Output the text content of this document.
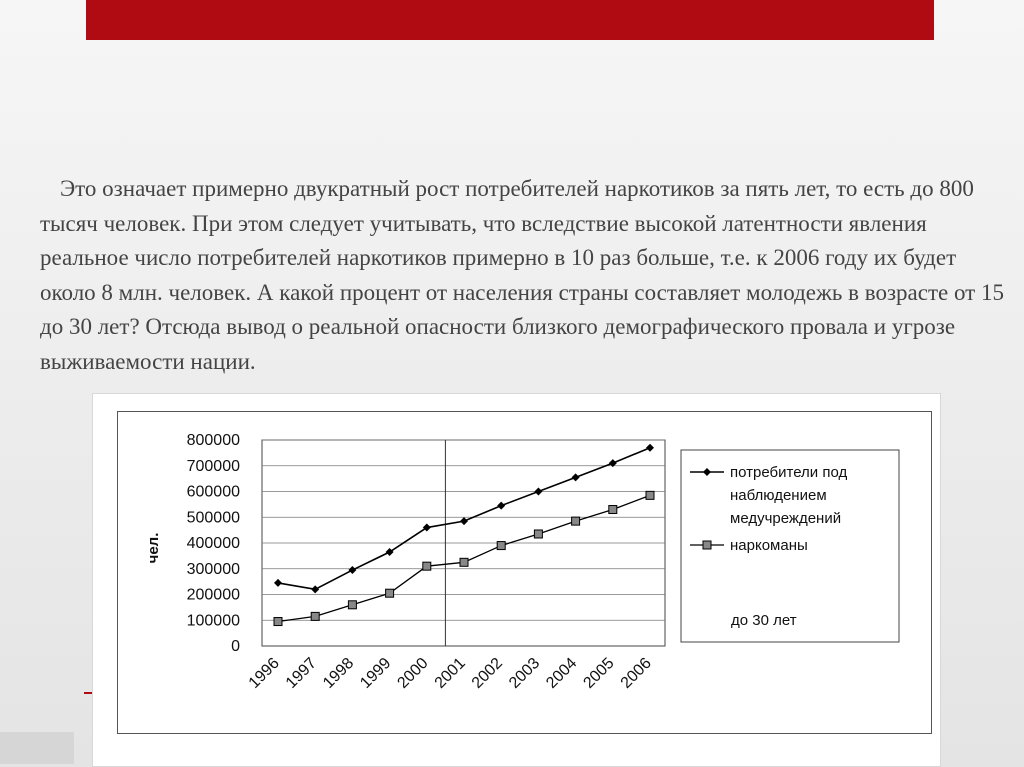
Это означает примерно двукратный рост потребителей наркотиков за пять лет, то есть до 800 тысяч человек. При этом следует учитывать, что вследствие высокой латентности явления реальное число потребителей наркотиков примерно в 10 раз больше, т.е. к 2006 году их будет около 8 млн. человек. А какой процент от населения страны составляет молодежь в возрасте от 15 до 30 лет? Отсюда вывод о реальной опасности близкого демографического провала и угрозе выживаемости нации.

0
100000
200000
300000
400000
500000
600000
700000
800000
1996 1997 1998 1999 2000 2001 2002 2003 2004 2005 2006
потребители под наблюдением медучреждений
наркоманы
до 30 лет
чел.
